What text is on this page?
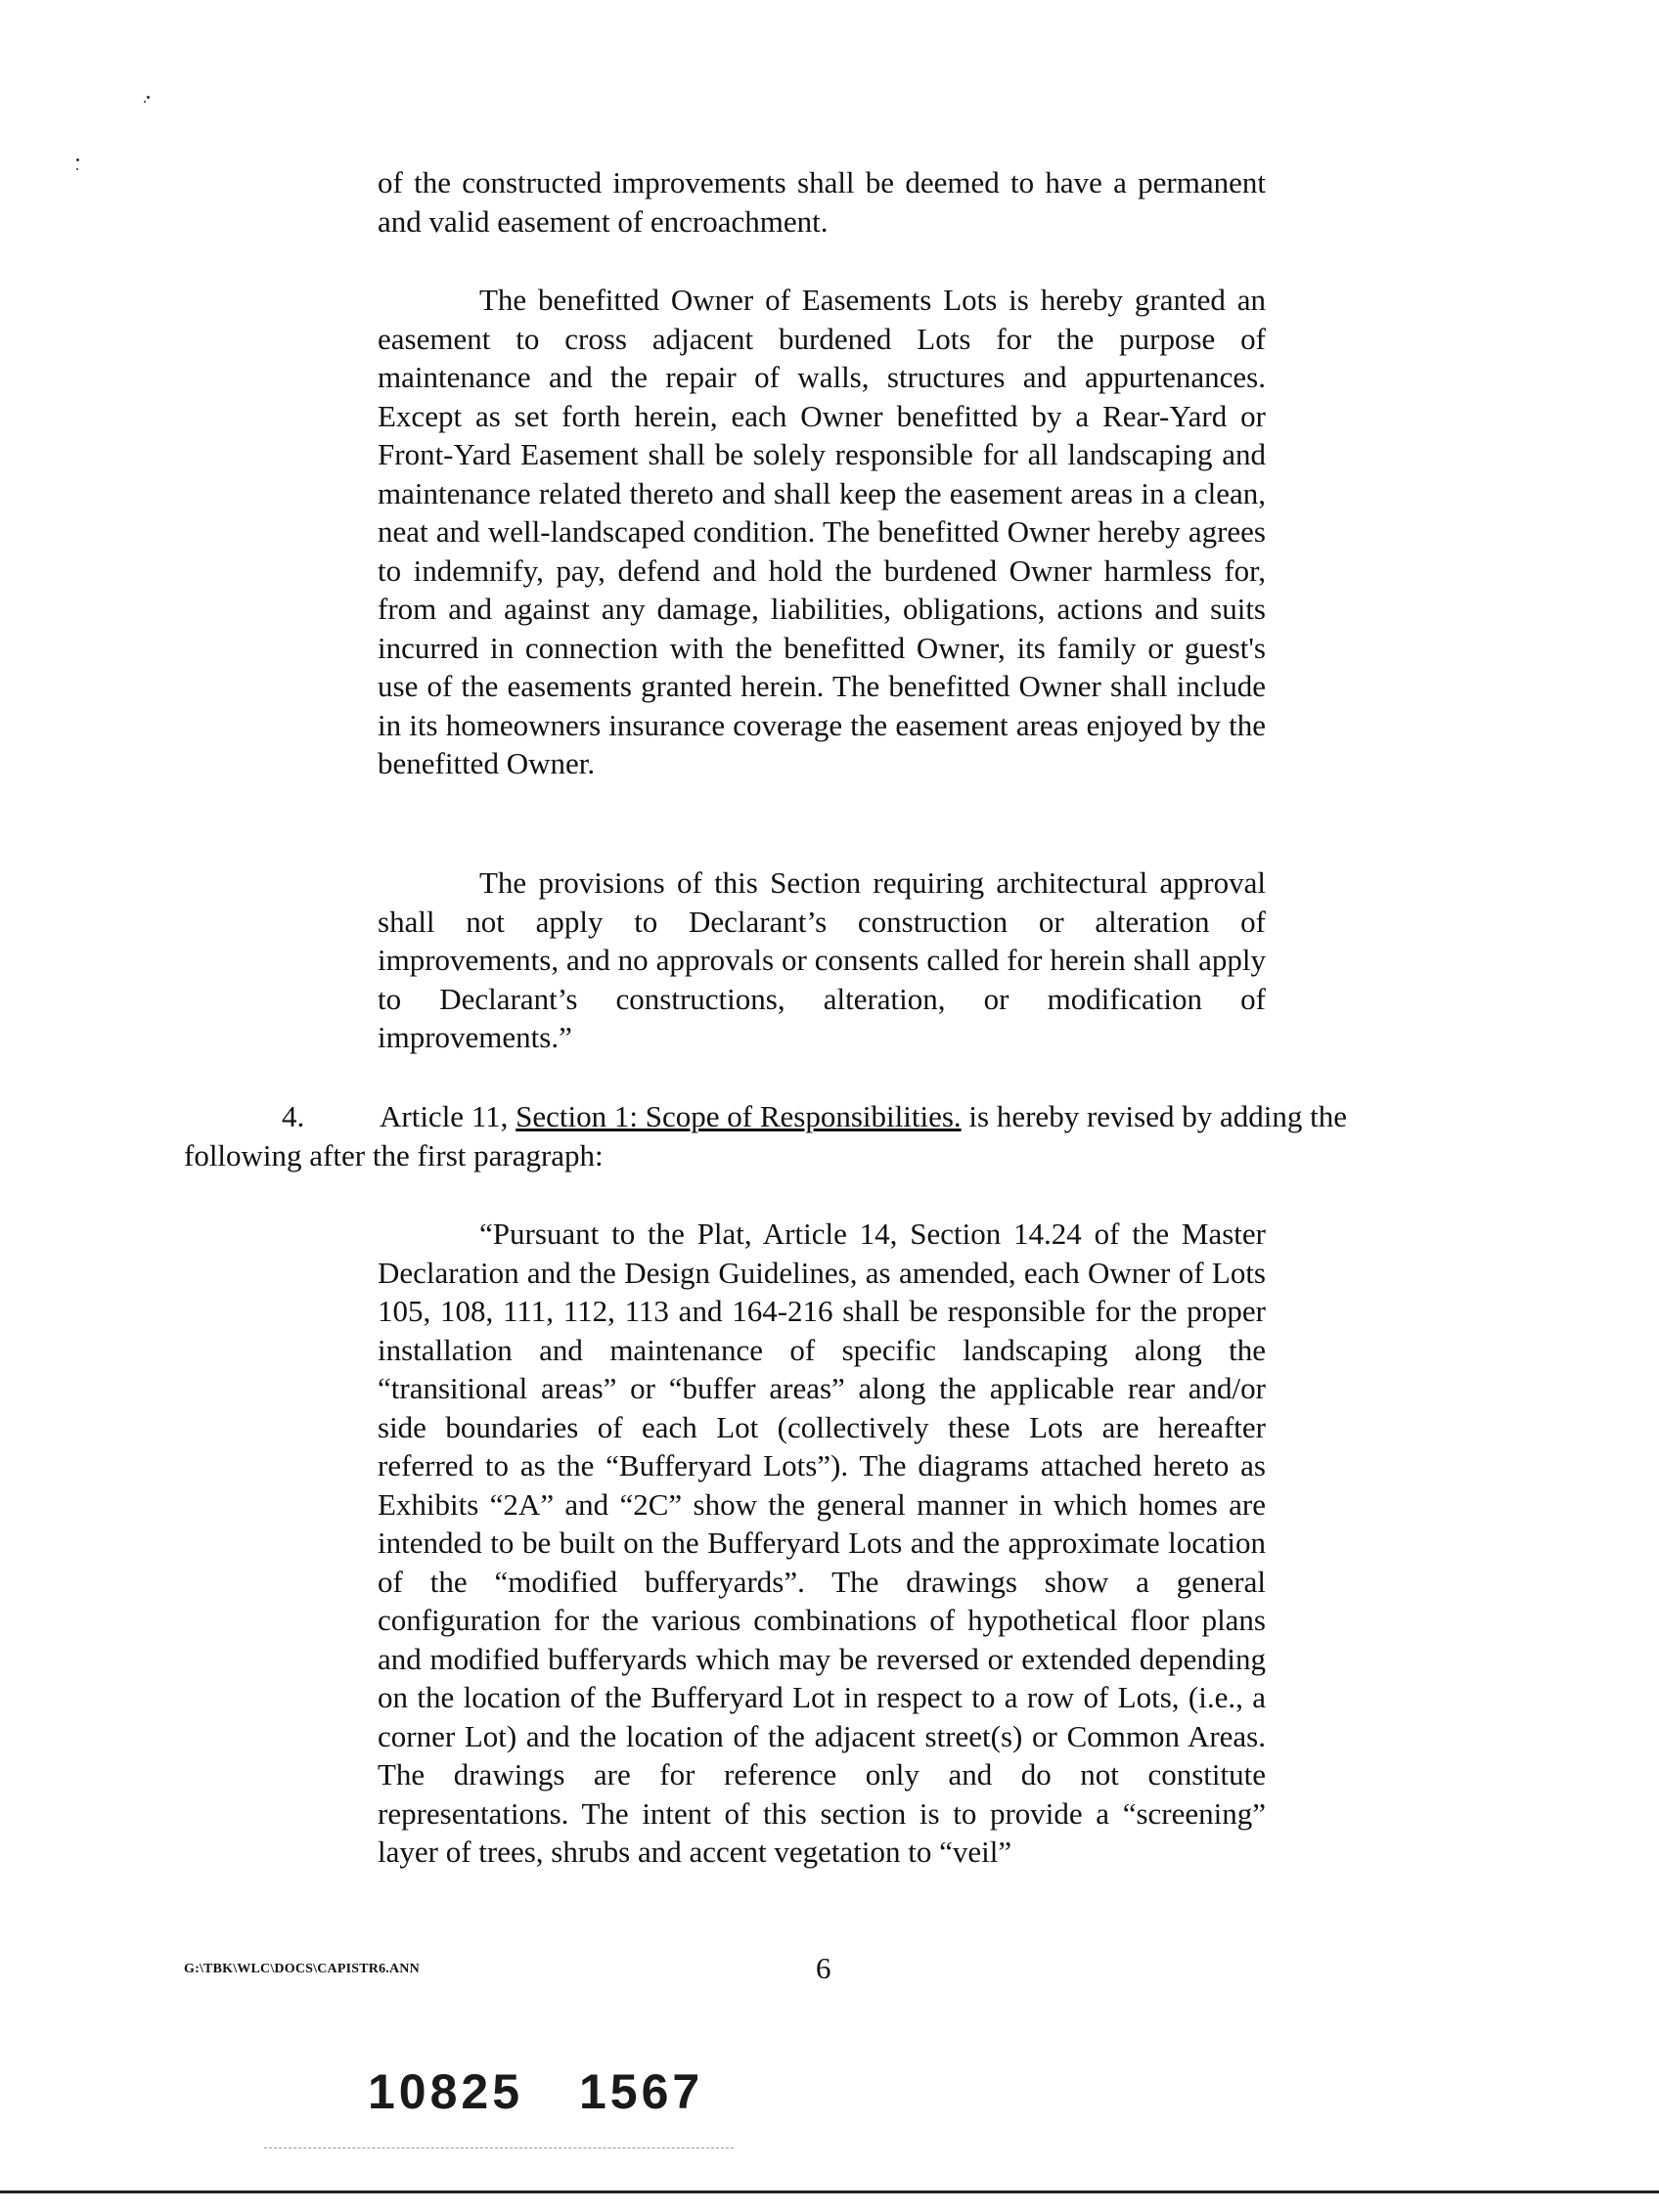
of the constructed improvements shall be deemed to have a permanent and valid easement of encroachment.

The benefitted Owner of Easements Lots is hereby granted an easement to cross adjacent burdened Lots for the purpose of maintenance and the repair of walls, structures and appurtenances. Except as set forth herein, each Owner benefitted by a Rear-Yard or Front-Yard Easement shall be solely responsible for all landscaping and maintenance related thereto and shall keep the easement areas in a clean, neat and well-landscaped condition. The benefitted Owner hereby agrees to indemnify, pay, defend and hold the burdened Owner harmless for, from and against any damage, liabilities, obligations, actions and suits incurred in connection with the benefitted Owner, its family or guest's use of the easements granted herein. The benefitted Owner shall include in its homeowners insurance coverage the easement areas enjoyed by the benefitted Owner.

The provisions of this Section requiring architectural approval shall not apply to Declarant’s construction or alteration of improvements, and no approvals or consents called for herein shall apply to Declarant’s constructions, alteration, or modification of improvements.”

4. Article 11, Section 1: Scope of Responsibilities. is hereby revised by adding the following after the first paragraph:

“Pursuant to the Plat, Article 14, Section 14.24 of the Master Declaration and the Design Guidelines, as amended, each Owner of Lots 105, 108, 111, 112, 113 and 164-216 shall be responsible for the proper installation and maintenance of specific landscaping along the “transitional areas” or “buffer areas” along the applicable rear and/or side boundaries of each Lot (collectively these Lots are hereafter referred to as the “Bufferyard Lots”). The diagrams attached hereto as Exhibits “2A” and “2C” show the general manner in which homes are intended to be built on the Bufferyard Lots and the approximate location of the “modified bufferyards”. The drawings show a general configuration for the various combinations of hypothetical floor plans and modified bufferyards which may be reversed or extended depending on the location of the Bufferyard Lot in respect to a row of Lots, (i.e., a corner Lot) and the location of the adjacent street(s) or Common Areas. The drawings are for reference only and do not constitute representations. The intent of this section is to provide a “screening” layer of trees, shrubs and accent vegetation to “veil”

G:\TBK\WLC\DOCS\CAPISTR6.ANN	6
10825 1567
